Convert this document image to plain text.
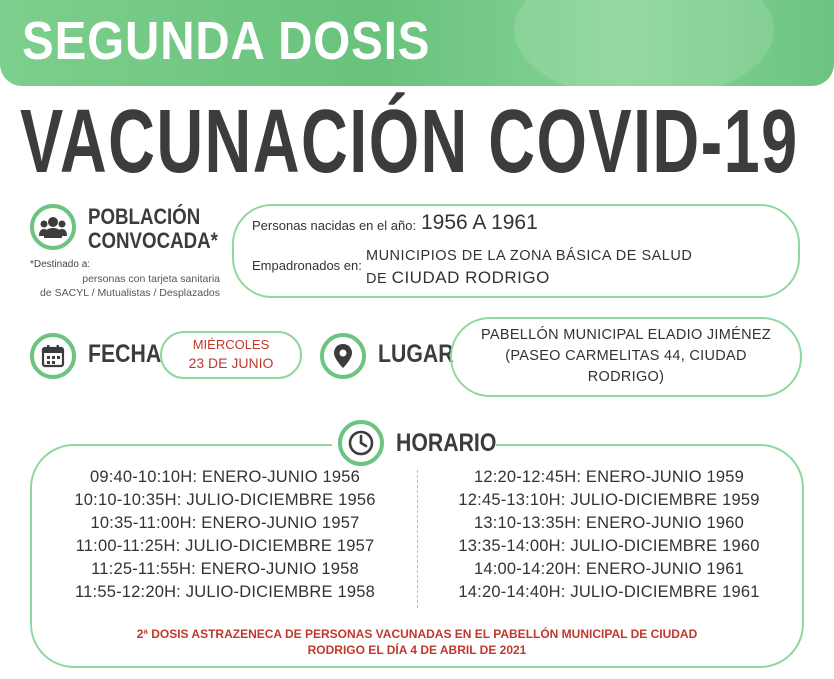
SEGUNDA DOSIS
VACUNACIÓN COVID-19
POBLACIÓN
CONVOCADA*
*Destinado a:
personas con tarjeta sanitaria
de SACYL / Mutualistas / Desplazados
Personas nacidas en el año: 1956 A 1961
Empadronados en:
MUNICIPIOS DE LA ZONA BÁSICA DE SALUD
DE CIUDAD RODRIGO
FECHA	MIÉRCOLES
23 DE JUNIO	LUGAR
PABELLÓN MUNICIPAL ELADIO JIMÉNEZ
(PASEO CARMELITAS 44, CIUDAD
RODRIGO)
HORARIO
09:40-10:10H: ENERO-JUNIO 1956
10:10-10:35H: JULIO-DICIEMBRE 1956
10:35-11:00H: ENERO-JUNIO 1957
11:00-11:25H: JULIO-DICIEMBRE 1957
11:25-11:55H: ENERO-JUNIO 1958
11:55-12:20H: JULIO-DICIEMBRE 1958
12:20-12:45H: ENERO-JUNIO 1959
12:45-13:10H: JULIO-DICIEMBRE 1959
13:10-13:35H: ENERO-JUNIO 1960
13:35-14:00H: JULIO-DICIEMBRE 1960
14:00-14:20H: ENERO-JUNIO 1961
14:20-14:40H: JULIO-DICIEMBRE 1961
2ª DOSIS ASTRAZENECA DE PERSONAS VACUNADAS EN EL PABELLÓN MUNICIPAL DE CIUDAD
RODRIGO EL DÍA 4 DE ABRIL DE 2021
